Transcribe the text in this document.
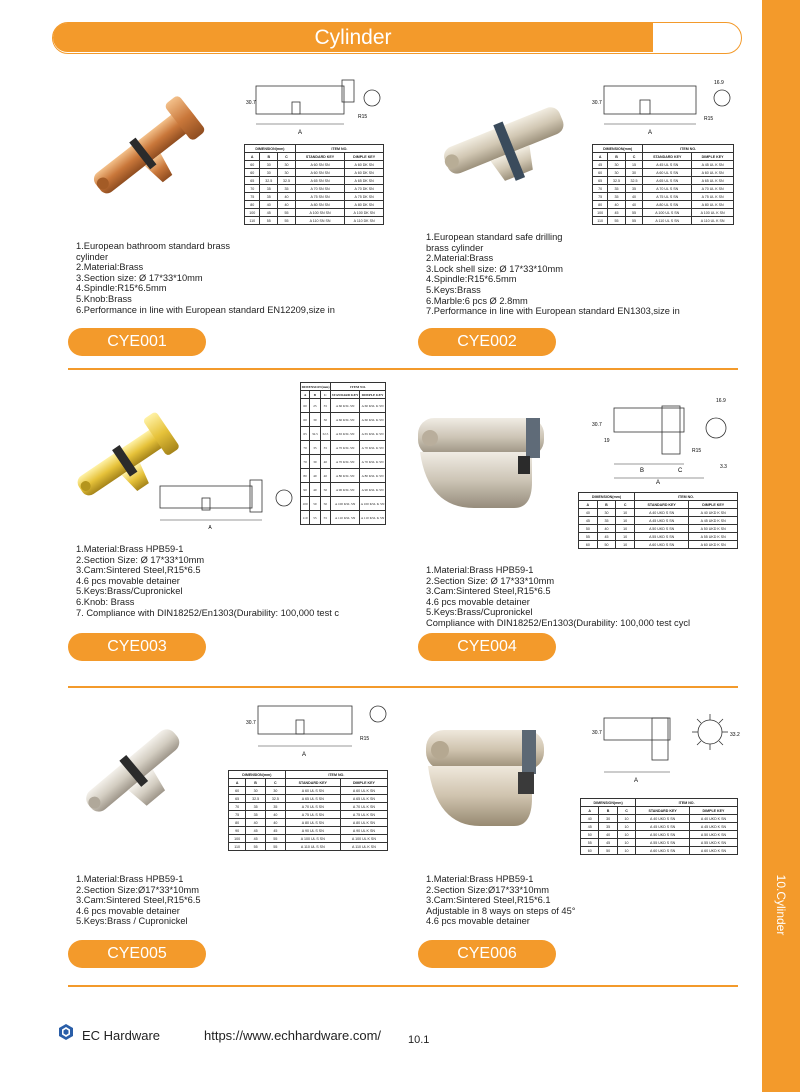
10.Cylinder
Cylinder
A
30.7
R15
A
30.7
16.9
R15
A
DIMENSION(mm)			ITEM NO.	
A	B	C	STANDARD KEY	DIMPLE KEY
60	25	35	A 60 KSL SN	A 60 KSL K SN
60	30	30	A 60 KSL SN	A 60 KSL K SN
65	32.5	32.5	A 65 KSL SN	A 65 KSL K SN
70	35	35	A 70 KSL SN	A 70 KSL K SN
70	30	40	A 70 KSL SN	A 70 KSL K SN
80	40	40	A 80 KSL SN	A 80 KSL K SN
90	40	50	A 90 KSL SN	A 90 KSL K SN
100	50	50	A 100 KSL SN	A 100 KSL K SN
110	55	55	A 110 KSL SN	A 110 KSL K SN
B	C
A
30.7
19
16.9
R15
3.3
A
30.7
R15
A
30.7	33.2
DIMENSION(mm)			ITEM NO.	
A	B	C	STANDARD KEY	DIMPLE KEY
60	30	30	A 60 SN SN	A 60 DK SN
60	30	30	A 60 SN SN	A 60 DK SN
65	32.5	32.5	A 65 SN SN	A 65 DK SN
70	35	35	A 70 SN SN	A 70 DK SN
75	35	40	A 75 SN SN	A 75 DK SN
80	40	40	A 80 SN SN	A 80 DK SN
100	45	55	A 100 SN SN	A 100 DK SN
110	55	55	A 110 SN SN	A 110 DK SN
DIMENSION(mm)			ITEM NO.	
A	B	C	STANDARD KEY	DIMPLE KEY
45	30	15	A 45 UL S SN	A 45 UL K SN
60	30	30	A 60 UL S SN	A 60 UL K SN
65	32.5	32.5	A 65 UL S SN	A 65 UL K SN
70	35	35	A 70 UL S SN	A 70 UL K SN
75	35	40	A 75 UL S SN	A 75 UL K SN
80	40	40	A 80 UL S SN	A 80 UL K SN
100	45	55	A 100 UL S SN	A 100 UL K SN
110	55	55	A 110 UL S SN	A 110 UL K SN
DIMENSION(mm)			ITEM NO.	
A	B	C	STANDARD KEY	DIMPLE KEY
40	30	10	A 40 UKD S SN	A 40 UKD K SN
45	35	10	A 45 UKD S SN	A 45 UKD K SN
50	40	10	A 50 UKD S SN	A 50 UKD K SN
55	45	10	A 55 UKD S SN	A 55 UKD K SN
60	50	10	A 60 UKD S SN	A 60 UKD K SN
DIMENSION(mm)			ITEM NO.	
A	B	C	STANDARD KEY	DIMPLE KEY
60	30	30	A 60 UL S SN	A 60 UL K SN
65	32.5	32.5	A 65 UL S SN	A 65 UL K SN
70	35	35	A 70 UL S SN	A 70 UL K SN
75	35	40	A 75 UL S SN	A 75 UL K SN
80	40	40	A 80 UL S SN	A 80 UL K SN
90	45	45	A 90 UL S SN	A 90 UL K SN
100	45	55	A 100 UL S SN	A 100 UL K SN
110	55	55	A 110 UL S SN	A 110 UL K SN
DIMENSION(mm)			ITEM NO.	
A	B	C	STANDARD KEY	DIMPLE KEY
40	30	10	A 40 UKD S SN	A 40 UKD K SN
45	35	10	A 45 UKD S SN	A 45 UKD K SN
50	40	10	A 50 UKD S SN	A 50 UKD K SN
55	45	10	A 55 UKD S SN	A 55 UKD K SN
60	50	10	A 60 UKD S SN	A 60 UKD K SN
1.European bathroom standard brass
cylinder
2.Material:Brass
3.Section size: Ø 17*33*10mm
4.Spindle:R15*6.5mm
5.Knob:Brass
6.Performance in line with European standard EN12209,size in
1.European standard safe drilling
brass cylinder
2.Material:Brass
3.Lock shell size: Ø 17*33*10mm
4.Spindle:R15*6.5mm
5.Keys:Brass
6.Marble:6 pcs Ø 2.8mm
7.Performance in line with European standard EN1303,size in
1.Material:Brass HPB59-1
2.Section Size: Ø 17*33*10mm
3.Cam:Sintered Steel,R15*6.5
4.6 pcs movable detainer
5.Keys:Brass/Cupronickel
6.Knob: Brass
7. Compliance with DIN18252/En1303(Durability: 100,000 test c
1.Material:Brass HPB59-1
2.Section Size: Ø 17*33*10mm
3.Cam:Sintered Steel,R15*6.5
4.6 pcs movable detainer
5.Keys:Brass/Cupronickel
Compliance with DIN18252/En1303(Durability: 100,000 test cycl
1.Material:Brass HPB59-1
2.Section Size:Ø17*33*10mm
3.Cam:Sintered Steel,R15*6.5
4.6 pcs movable detainer
5.Keys:Brass / Cupronickel
1.Material:Brass HPB59-1
2.Section Size:Ø17*33*10mm
3.Cam:Sintered Steel,R15*6.1
Adjustable in 8 ways on steps of 45°
4.6 pcs movable detainer
CYE001	CYE002
CYE003	CYE004
CYE005	CYE006
EC Hardware	https://www.echhardware.com/ 10.1
